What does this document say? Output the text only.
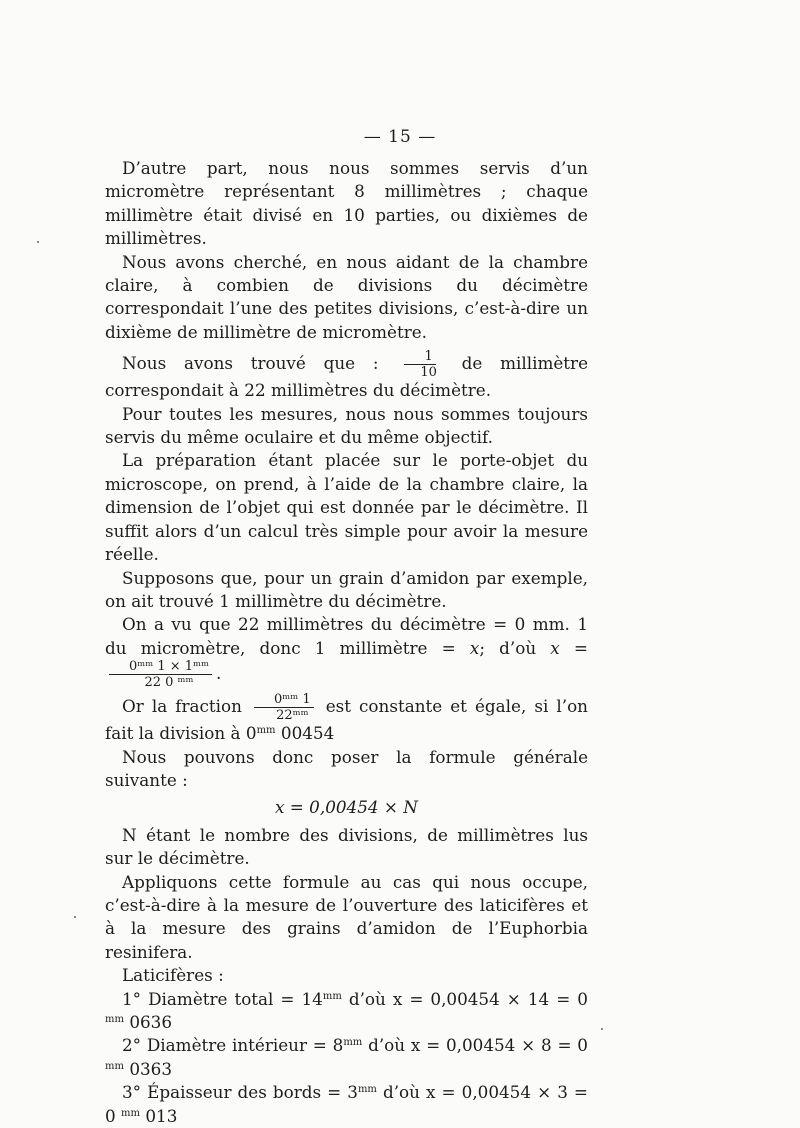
— 15 —

D’autre part, nous nous sommes servis d’un micromètre représentant 8 millimètres ; chaque millimètre était divisé en 10 parties, ou dixièmes de millimètres.

Nous avons cherché, en nous aidant de la chambre claire, à combien de divisions du décimètre correspondait l’une des petites divisions, c’est-à-dire un dixième de millimètre de micromètre.

Nous avons trouvé que : $\frac{1}{10}$ de millimètre correspondait à 22 millimètres du décimètre.

Pour toutes les mesures, nous nous sommes toujours servis du même oculaire et du même objectif.

La préparation étant placée sur le porte-objet du microscope, on prend, à l’aide de la chambre claire, la dimension de l’objet qui est donnée par le décimètre. Il suffit alors d’un calcul très simple pour avoir la mesure réelle.

Supposons que, pour un grain d’amidon par exemple, on ait trouvé 1 millimètre du décimètre.

On a vu que 22 millimètres du décimètre = 0 mm. 1 du micromètre, donc 1 millimètre = x; d’où x =
$\frac{\text{0ᵐᵐ 1 × 1ᵐᵐ}}{\text{22 0 ᵐᵐ}}$ .

Or la fraction $\frac{\text{0ᵐᵐ 1}}{\text{22ᵐᵐ}}$ est constante et égale, si l’on fait la division à $0^{mm}$ 00454

Nous pouvons donc poser la formule générale suivante :

x = 0,00454 × N

N étant le nombre des divisions, de millimètres lus sur le décimètre.

Appliquons cette formule au cas qui nous occupe, c’est-à-dire à la mesure de l’ouverture des laticifères et à la mesure des grains d’amidon de l’Euphorbia resinifera.

Laticifères :

1° Diamètre total = $14^{mm}$ d’où x = 0,00454 × 14 = 0 $^{mm}$ 0636

2° Diamètre intérieur = $8^{mm}$ d’où x = 0,00454 × 8 = 0 $^{mm}$ 0363

3° Épaisseur des bords = $3^{mm}$ d’où x = 0,00454 × 3 = 0 $^{mm}$ 013
